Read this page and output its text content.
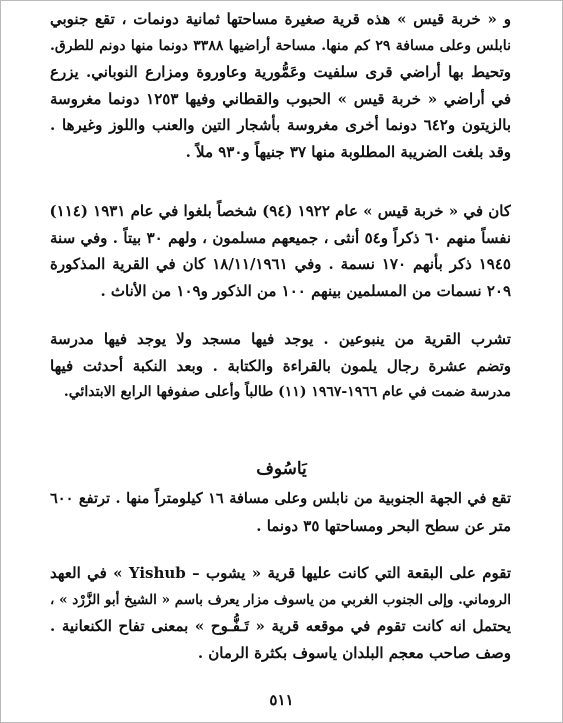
و « خربة قيس » هذه قرية صغيرة مساحتها ثمانية دونمات ، تقع جنوبي
نابلس وعلى مسافة ٢٩ كم منها. مساحة أراضيها ٣٣٨٨ دونما منها دونم للطرق.
وتحيط بها أراضي قرى سلفيت وعَمُّورية وعاوروة ومزارع النوباني. يزرع
في أراضي « خربة قيس » الحبوب والقطاني وفيها ١٢٥٣ دونما مغروسة
بالزيتون و٦٤٢ دونما أخرى مغروسة بأشجار التين والعنب واللوز وغيرها .
وقد بلغت الضريبة المطلوبة منها ٣٧ جنيهاً و٩٣٠ ملاً .
كان في « خربة قيس » عام ١٩٢٢ (٩٤) شخصاً بلغوا في عام ١٩٣١ (١١٤)
نفساً منهم ٦٠ ذكراً و٥٤ أنثى ، جميعهم مسلمون ، ولهم ٣٠ بيتاً . وفي سنة
١٩٤٥ ذكر بأنهم ١٧٠ نسمة . وفي ١٨/١١/١٩٦١ كان في القرية المذكورة
٢٠٩ نسمات من المسلمين بينهم ١٠٠ من الذكور و١٠٩ من الأناث .
تشرب القرية من ينبوعين . يوجد فيها مسجد ولا يوجد فيها مدرسة
وتضم عشرة رجال يلمون بالقراءة والكتابة . وبعد النكبة أحدثت فيها
مدرسة ضمت في عام ١٩٦٦-١٩٦٧ (١١) طالباً وأعلى صفوفها الرابع الابتدائي.
يَاسُوف
تقع في الجهة الجنوبية من نابلس وعلى مسافة ١٦ كيلومتراً منها . ترتفع ٦٠٠
متر عن سطح البحر ومساحتها ٣٥ دونما .
تقوم على البقعة التي كانت عليها قرية « يشوب – Yishub » في العهد
الروماني. وإلى الجنوب الغربي من ياسوف مزار يعرف باسم « الشيخ أبو الزَّرْد » ،
يحتمل انه كانت تقوم في موقعه قرية « تَـفُّـوح » بمعنى تفاح الكنعانية .
وصف صاحب معجم البلدان ياسوف بكثرة الرمان .
٥١١
